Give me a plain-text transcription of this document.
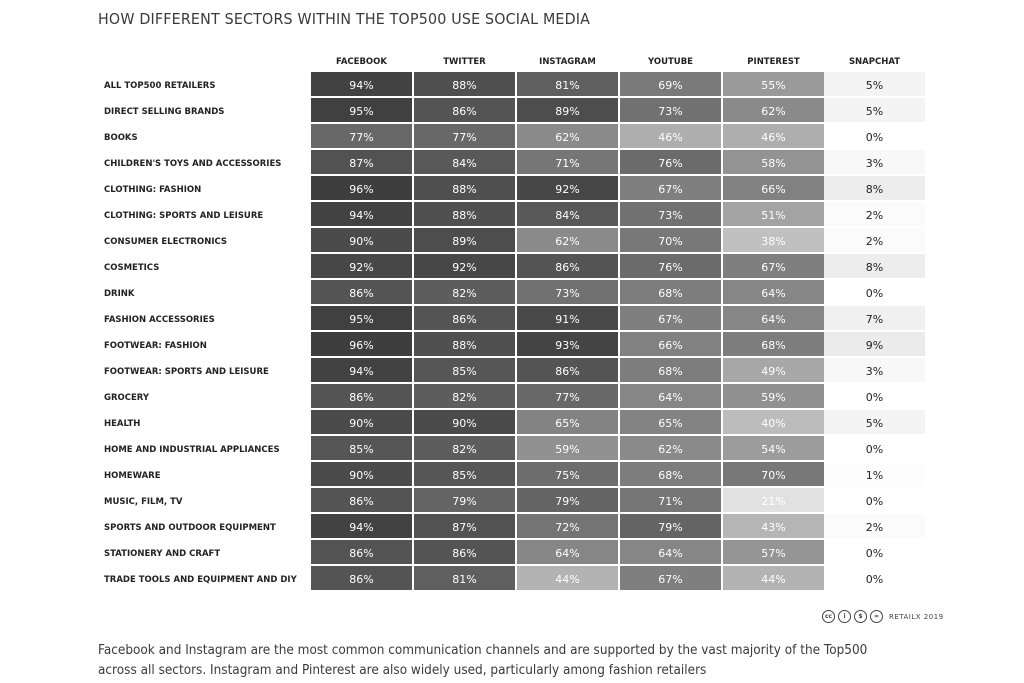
HOW DIFFERENT SECTORS WITHIN THE TOP500 USE SOCIAL MEDIA
FACEBOOK	TWITTER	INSTAGRAM	YOUTUBE	PINTEREST	SNAPCHAT
ALL TOP500 RETAILERS	94%	88%	81%	69%	55%	5%
DIRECT SELLING BRANDS	95%	86%	89%	73%	62%	5%
BOOKS	77%	77%	62%	46%	46%	0%
CHILDREN'S TOYS AND ACCESSORIES	87%	84%	71%	76%	58%	3%
CLOTHING: FASHION	96%	88%	92%	67%	66%	8%
CLOTHING: SPORTS AND LEISURE	94%	88%	84%	73%	51%	2%
CONSUMER ELECTRONICS	90%	89%	62%	70%	38%	2%
COSMETICS	92%	92%	86%	76%	67%	8%
DRINK	86%	82%	73%	68%	64%	0%
FASHION ACCESSORIES	95%	86%	91%	67%	64%	7%
FOOTWEAR: FASHION	96%	88%	93%	66%	68%	9%
FOOTWEAR: SPORTS AND LEISURE	94%	85%	86%	68%	49%	3%
GROCERY	86%	82%	77%	64%	59%	0%
HEALTH	90%	90%	65%	65%	40%	5%
HOME AND INDUSTRIAL APPLIANCES	85%	82%	59%	62%	54%	0%
HOMEWARE	90%	85%	75%	68%	70%	1%
MUSIC, FILM, TV	86%	79%	79%	71%	21%	0%
SPORTS AND OUTDOOR EQUIPMENT	94%	87%	72%	79%	43%	2%
STATIONERY AND CRAFT	86%	86%	64%	64%	57%	0%
TRADE TOOLS AND EQUIPMENT AND DIY	86%	81%	44%	67%	44%	0%
cc	i	$	=	RETAILX 2019
Facebook and Instagram are the most common communication channels and are supported by the vast majority of the Top500 across all sectors. Instagram and Pinterest are also widely used, particularly among fashion retailers
